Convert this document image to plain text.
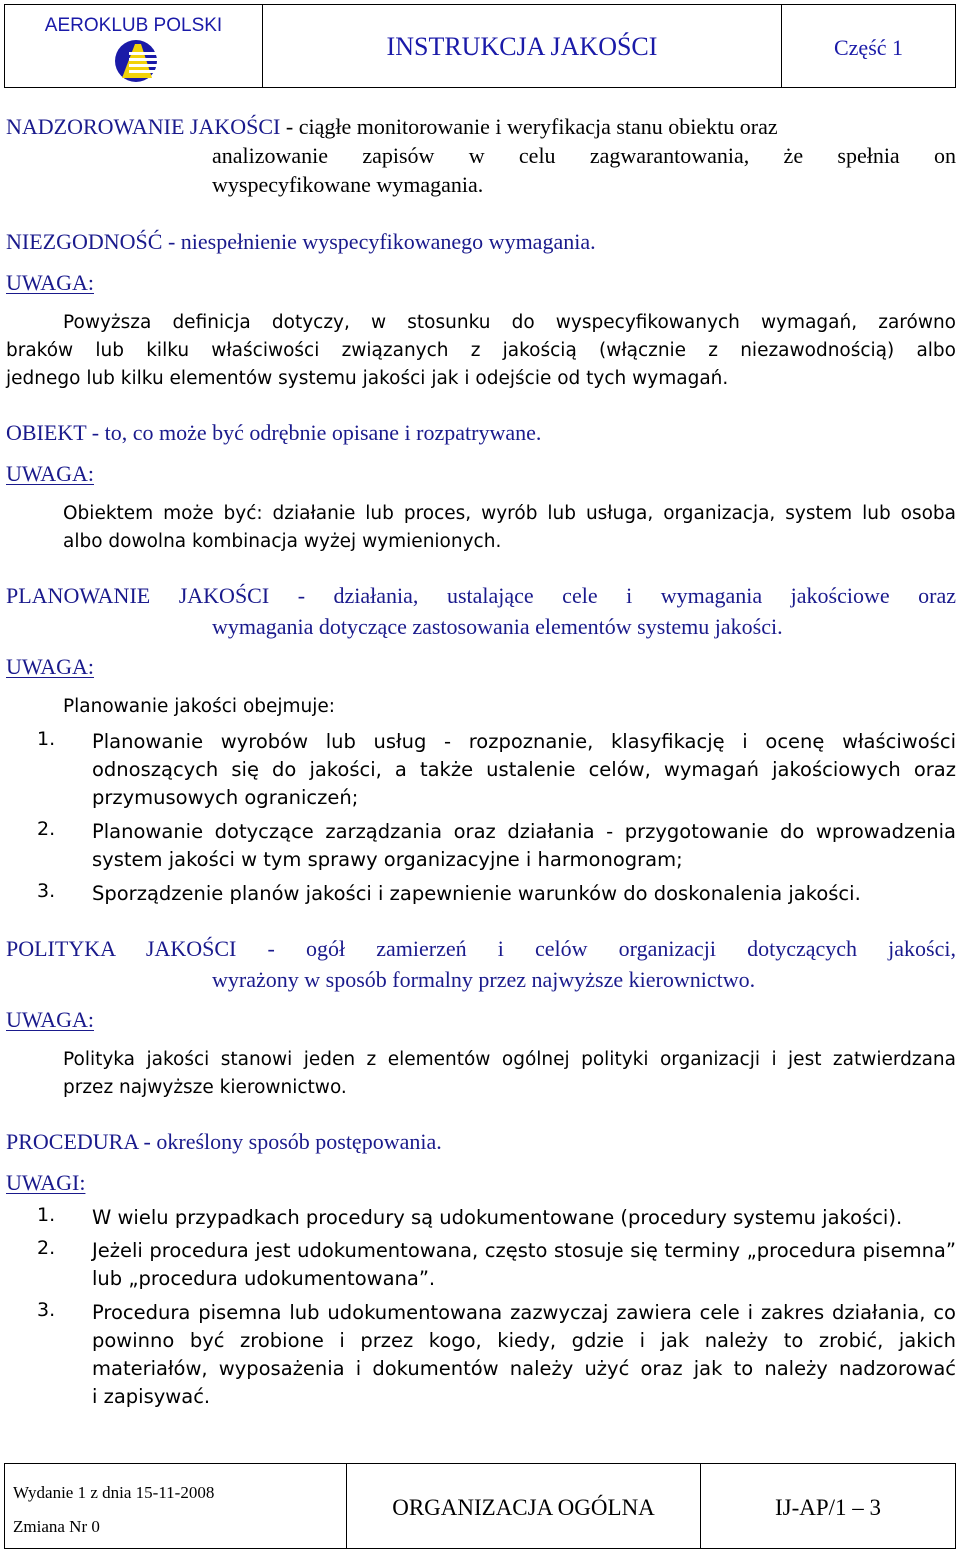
AEROKLUB POLSKI
INSTRUKCJA JAKOŚCI	Część 1
NADZOROWANIE JAKOŚCI - ciągłe monitorowanie i weryfikacja stanu obiektu oraz
analizowanie zapisów w celu zagwarantowania, że spełnia on
wyspecyfikowane wymagania.
NIEZGODNOŚĆ - niespełnienie wyspecyfikowanego wymagania.
UWAGA:
Powyższa definicja dotyczy, w stosunku do wyspecyfikowanych wymagań, zarówno
braków lub kilku właściwości związanych z jakością (włącznie z niezawodnością) albo
jednego lub kilku elementów systemu jakości jak i odejście od tych wymagań.
OBIEKT - to, co może być odrębnie opisane i rozpatrywane.
UWAGA:
Obiektem może być: działanie lub proces, wyrób lub usługa, organizacja, system lub osoba
albo dowolna kombinacja wyżej wymienionych.
PLANOWANIE JAKOŚCI - działania, ustalające cele i wymagania jakościowe oraz
wymagania dotyczące zastosowania elementów systemu jakości.
UWAGA:
Planowanie jakości obejmuje:
1. Planowanie wyrobów lub usług - rozpoznanie, klasyfikację i ocenę właściwości
odnoszących się do jakości, a także ustalenie celów, wymagań jakościowych oraz
przymusowych ograniczeń;
2. Planowanie dotyczące zarządzania oraz działania - przygotowanie do wprowadzenia
system jakości w tym sprawy organizacyjne i harmonogram;
3. Sporządzenie planów jakości i zapewnienie warunków do doskonalenia jakości.
POLITYKA JAKOŚCI - ogół zamierzeń i celów organizacji dotyczących jakości,
wyrażony w sposób formalny przez najwyższe kierownictwo.
UWAGA:
Polityka jakości stanowi jeden z elementów ogólnej polityki organizacji i jest zatwierdzana
przez najwyższe kierownictwo.
PROCEDURA - określony sposób postępowania.
UWAGI:
1. W wielu przypadkach procedury są udokumentowane (procedury systemu jakości).
2. Jeżeli procedura jest udokumentowana, często stosuje się terminy „procedura pisemna”
lub „procedura udokumentowana”.
3. Procedura pisemna lub udokumentowana zazwyczaj zawiera cele i zakres działania, co
powinno być zrobione i przez kogo, kiedy, gdzie i jak należy to zrobić, jakich
materiałów, wyposażenia i dokumentów należy użyć oraz jak to należy nadzorować
i zapisywać.
Wydanie 1 z dnia 15-11-2008
Zmiana Nr 0
ORGANIZACJA OGÓLNA	IJ-AP/1 – 3
